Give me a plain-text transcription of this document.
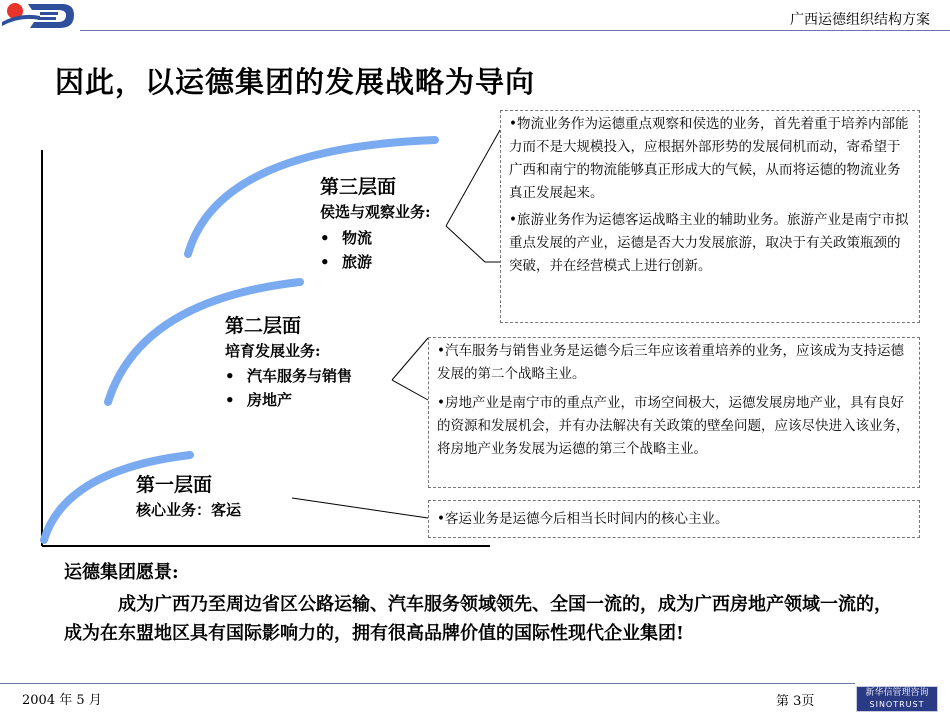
广西运德组织结构方案
因此，以运德集团的发展战略为导向
第三层面
侯选与观察业务:
• 物流
• 旅游
第二层面
培育发展业务:
• 汽车服务与销售
• 房地产
第一层面
核心业务：客运

•物流业务作为运德重点观察和侯选的业务，首先着重于培养内部能力而不是大规模投入，应根据外部形势的发展伺机而动，寄希望于广西和南宁的物流能够真正形成大的气候，从而将运德的物流业务真正发展起来。

•旅游业务作为运德客运战略主业的辅助业务。旅游产业是南宁市拟重点发展的产业，运德是否大力发展旅游，取决于有关政策瓶颈的突破，并在经营模式上进行创新。

•汽车服务与销售业务是运德今后三年应该着重培养的业务，应该成为支持运德发展的第二个战略主业。

•房地产业是南宁市的重点产业，市场空间极大，运德发展房地产业，具有良好的资源和发展机会，并有办法解决有关政策的壁垒问题，应该尽快进入该业务，将房地产业务发展为运德的第三个战略主业。

•客运业务是运德今后相当长时间内的核心主业。

运德集团愿景:
成为广西乃至周边省区公路运输、汽车服务领域领先、全国一流的，成为广西房地产领域一流的，成为在东盟地区具有国际影响力的，拥有很高品牌价值的国际性现代企业集团!
2004 年 5 月	第 3页
新华信管理咨询
SINOTRUST
